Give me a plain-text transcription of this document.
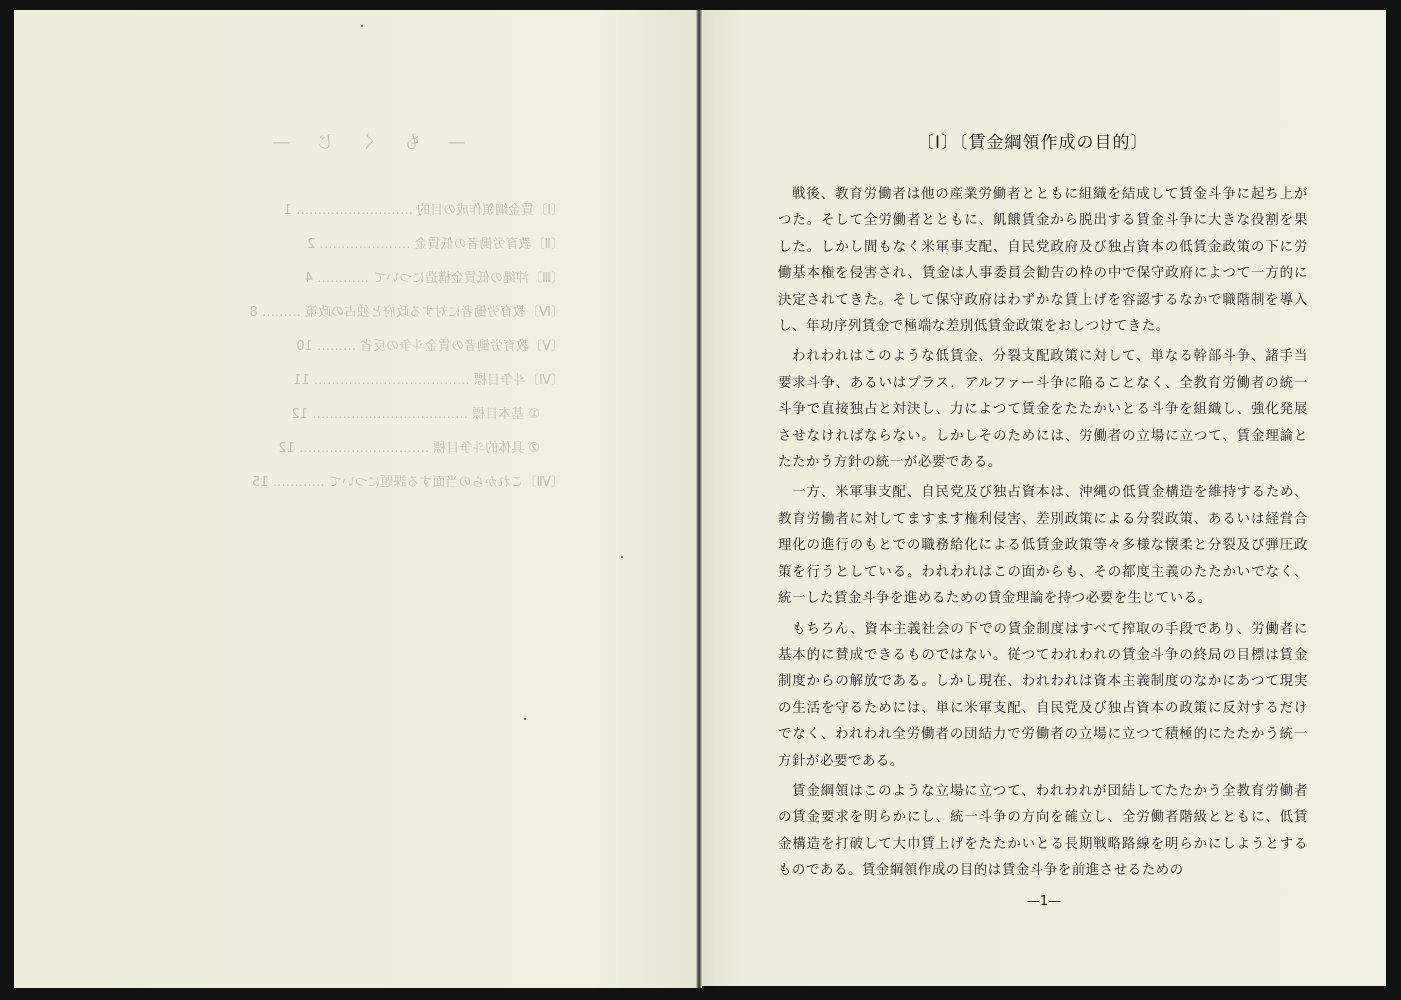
— も く じ —
〔Ⅰ〕賃金綱領作成の目的 ……………………… 1
〔Ⅱ〕教育労働者の低賃金 ………………… 2
〔Ⅲ〕沖縄の低賃金構造について ………… 4
〔Ⅳ〕教育労働者に対する政府と独占の政策 ……… 8
〔Ⅴ〕教育労働者の賃金斗争の反省 ……… 10
〔Ⅵ〕斗争目標 ……………………………… 11
① 基本目標 ……………………………… 12
② 具体的斗争目標 ………………………… 12
〔Ⅶ〕これからの当面する課題について ………… 15

〔Ⅰ〕〔賃金綱領作成の目的〕

戦後、教育労働者は他の産業労働者とともに組織を結成して賃金斗争に起ち上がつた。そして全労働者とともに、飢餓賃金から脱出する賃金斗争に大きな役割を果した。しかし間もなく米軍事支配、自民党政府及び独占資本の低賃金政策の下に労働基本権を侵害され、賃金は人事委員会勧告の枠の中で保守政府によつて一方的に決定されてきた。そして保守政府はわずかな賃上げを容認するなかで職階制を導入し、年功序列賃金で極端な差別低賃金政策をおしつけてきた。

われわれはこのような低賃金、分裂支配政策に対して、単なる幹部斗争、諸手当要求斗争、あるいはプラス．アルファー斗争に陥ることなく、全教育労働者の統一斗争で直接独占と対決し、力によつて賃金をたたかいとる斗争を組織し、強化発展させなければならない。しかしそのためには、労働者の立場に立つて、賃金理論とたたかう方針の統一が必要である。

一方、米軍事支配、自民党及び独占資本は、沖縄の低賃金構造を維持するため、教育労働者に対してますます権利侵害、差別政策による分裂政策、あるいは経営合理化の進行のもとでの職務給化による低賃金政策等々多様な懐柔と分裂及び弾圧政策を行うとしている。われわれはこの面からも、その都度主義のたたかいでなく、統一した賃金斗争を進めるための賃金理論を持つ必要を生じている。

もちろん、資本主義社会の下での賃金制度はすべて搾取の手段であり、労働者に基本的に賛成できるものではない。従つてわれわれの賃金斗争の終局の目標は賃金制度からの解放である。しかし現在、われわれは資本主義制度のなかにあつて現実の生活を守るためには、単に米軍支配、自民党及び独占資本の政策に反対するだけでなく、われわれ全労働者の団結力で労働者の立場に立つて積極的にたたかう統一方針が必要である。

賃金綱領はこのような立場に立つて、われわれが団結してたたかう全教育労働者の賃金要求を明らかにし、統一斗争の方向を確立し、全労働者階級とともに、低賃金構造を打破して大巾賃上げをたたかいとる長期戦略路線を明らかにしようとするものである。賃金綱領作成の目的は賃金斗争を前進させるための

—1—
